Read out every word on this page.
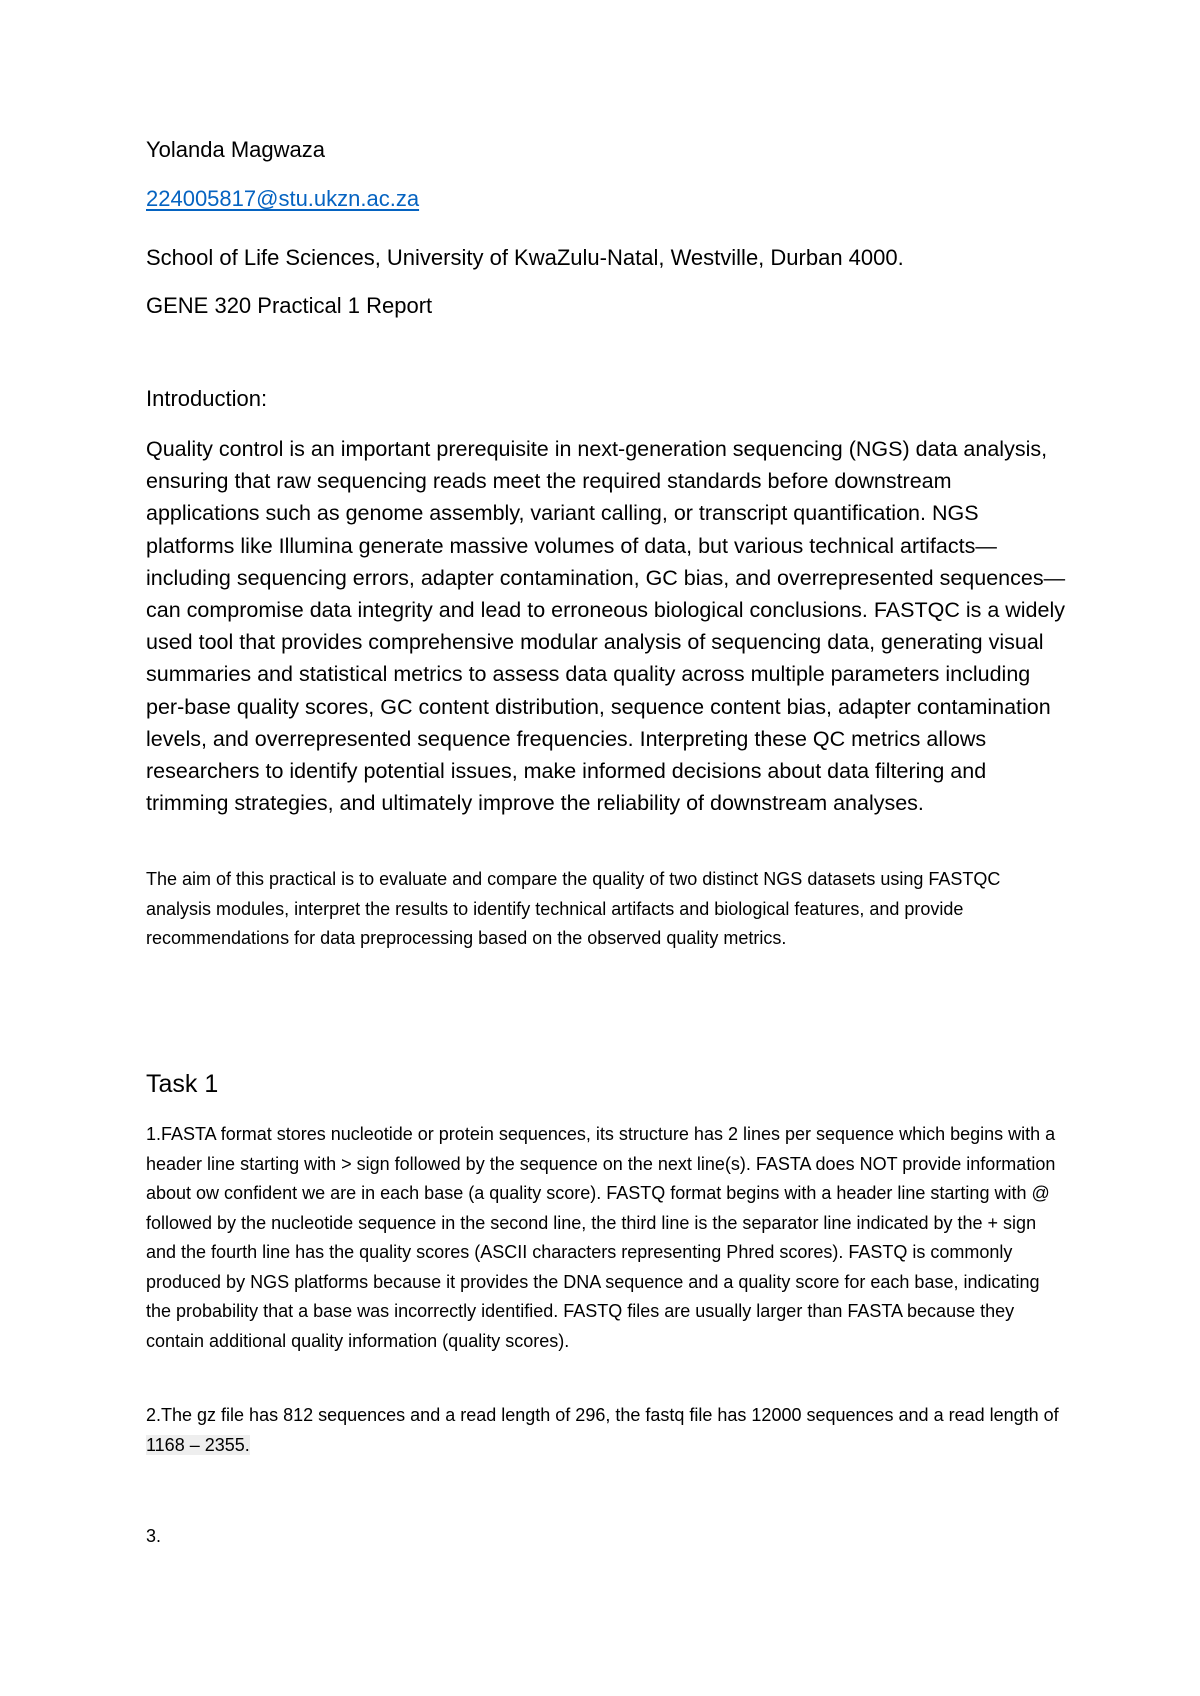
Yolanda Magwaza

224005817@stu.ukzn.ac.za

School of Life Sciences, University of KwaZulu-Natal, Westville, Durban 4000.

GENE 320 Practical 1 Report

Introduction:

Quality control is an important prerequisite in next-generation sequencing (NGS) data analysis, ensuring that raw sequencing reads meet the required standards before downstream applications such as genome assembly, variant calling, or transcript quantification. NGS platforms like Illumina generate massive volumes of data, but various technical artifacts—including sequencing errors, adapter contamination, GC bias, and overrepresented sequences—can compromise data integrity and lead to erroneous biological conclusions. FASTQC is a widely used tool that provides comprehensive modular analysis of sequencing data, generating visual summaries and statistical metrics to assess data quality across multiple parameters including per-base quality scores, GC content distribution, sequence content bias, adapter contamination levels, and overrepresented sequence frequencies. Interpreting these QC metrics allows researchers to identify potential issues, make informed decisions about data filtering and trimming strategies, and ultimately improve the reliability of downstream analyses.

The aim of this practical is to evaluate and compare the quality of two distinct NGS datasets using FASTQC analysis modules, interpret the results to identify technical artifacts and biological features, and provide recommendations for data preprocessing based on the observed quality metrics.

Task 1

1.FASTA format stores nucleotide or protein sequences, its structure has 2 lines per sequence which begins with a header line starting with > sign followed by the sequence on the next line(s). FASTA does NOT provide information about ow confident we are in each base (a quality score). FASTQ format begins with a header line starting with @ followed by the nucleotide sequence in the second line, the third line is the separator line indicated by the + sign and the fourth line has the quality scores (ASCII characters representing Phred scores). FASTQ is commonly produced by NGS platforms because it provides the DNA sequence and a quality score for each base, indicating the probability that a base was incorrectly identified. FASTQ files are usually larger than FASTA because they contain additional quality information (quality scores).

2.The gz file has 812 sequences and a read length of 296, the fastq file has 12000 sequences and a read length of 1168 – 2355.

3.
